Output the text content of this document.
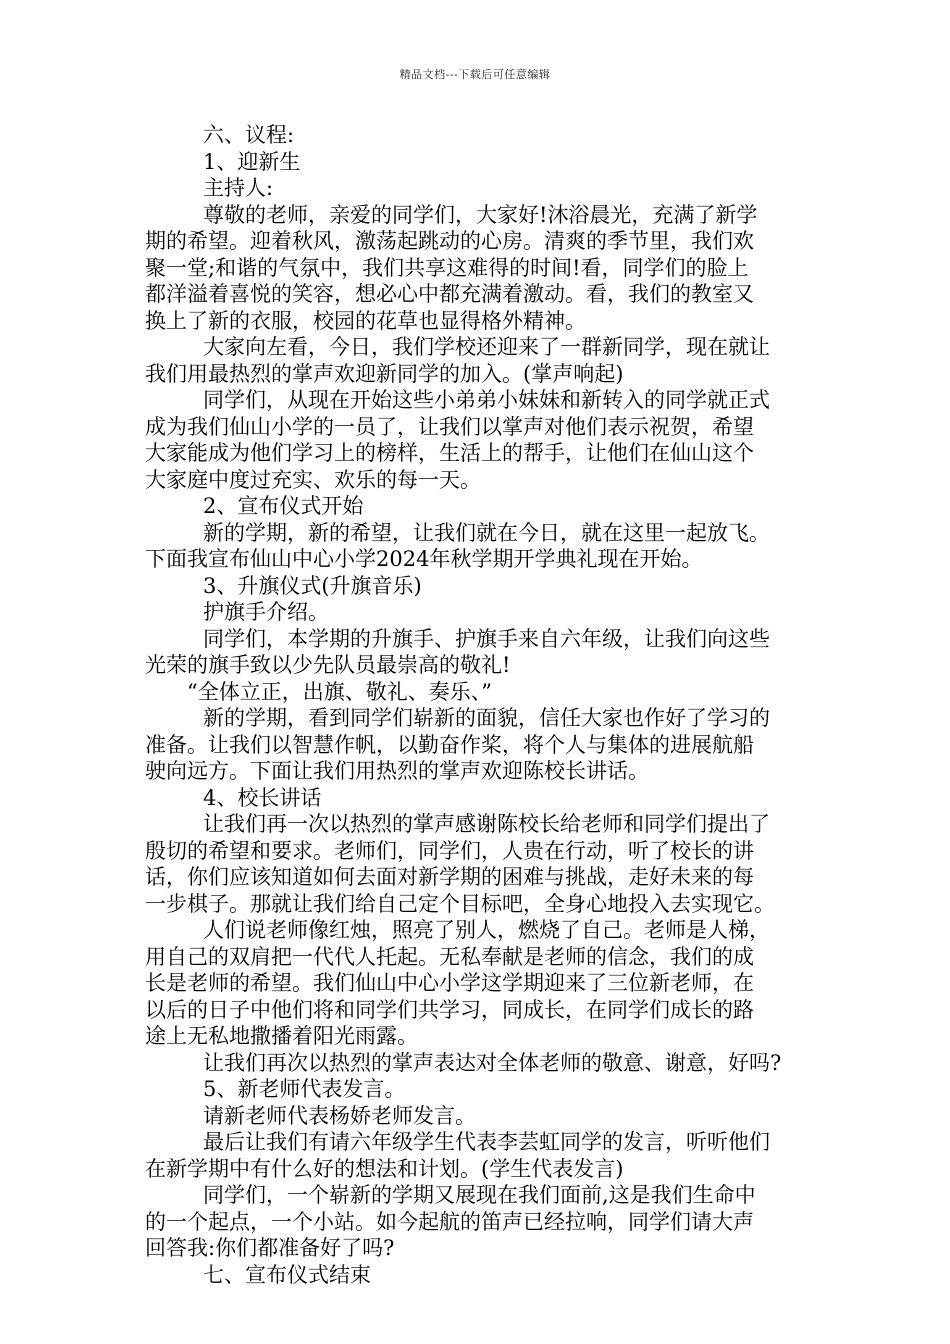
精品文档---下载后可任意编辑
六、议程:
1、迎新生
主持人:
尊敬的老师，亲爱的同学们，大家好!沐浴晨光，充满了新学
期的希望。迎着秋风，激荡起跳动的心房。清爽的季节里，我们欢
聚一堂;和谐的气氛中，我们共享这难得的时间!看，同学们的脸上
都洋溢着喜悦的笑容，想必心中都充满着激动。看，我们的教室又
换上了新的衣服，校园的花草也显得格外精神。
大家向左看，今日，我们学校还迎来了一群新同学，现在就让
我们用最热烈的掌声欢迎新同学的加入。(掌声响起)
同学们，从现在开始这些小弟弟小妹妹和新转入的同学就正式
成为我们仙山小学的一员了，让我们以掌声对他们表示祝贺，希望
大家能成为他们学习上的榜样，生活上的帮手，让他们在仙山这个
大家庭中度过充实、欢乐的每一天。
2、宣布仪式开始
新的学期，新的希望，让我们就在今日，就在这里一起放飞。
下面我宣布仙山中心小学2024年秋学期开学典礼现在开始。
3、升旗仪式(升旗音乐)
护旗手介绍。
同学们，本学期的升旗手、护旗手来自六年级，让我们向这些
光荣的旗手致以少先队员最崇高的敬礼!
“全体立正，出旗、敬礼、奏乐、”
新的学期，看到同学们崭新的面貌，信任大家也作好了学习的
准备。让我们以智慧作帆，以勤奋作桨，将个人与集体的进展航船
驶向远方。下面让我们用热烈的掌声欢迎陈校长讲话。
4、校长讲话
让我们再一次以热烈的掌声感谢陈校长给老师和同学们提出了
殷切的希望和要求。老师们，同学们，人贵在行动，听了校长的讲
话，你们应该知道如何去面对新学期的困难与挑战，走好未来的每
一步棋子。那就让我们给自己定个目标吧，全身心地投入去实现它。
人们说老师像红烛，照亮了别人，燃烧了自己。老师是人梯，
用自己的双肩把一代代人托起。无私奉献是老师的信念，我们的成
长是老师的希望。我们仙山中心小学这学期迎来了三位新老师，在
以后的日子中他们将和同学们共学习，同成长，在同学们成长的路
途上无私地撒播着阳光雨露。
让我们再次以热烈的掌声表达对全体老师的敬意、谢意，好吗?
5、新老师代表发言。
请新老师代表杨娇老师发言。
最后让我们有请六年级学生代表李芸虹同学的发言，听听他们
在新学期中有什么好的想法和计划。(学生代表发言)
同学们，一个崭新的学期又展现在我们面前,这是我们生命中
的一个起点，一个小站。如今起航的笛声已经拉响，同学们请大声
回答我:你们都准备好了吗?
七、宣布仪式结束
